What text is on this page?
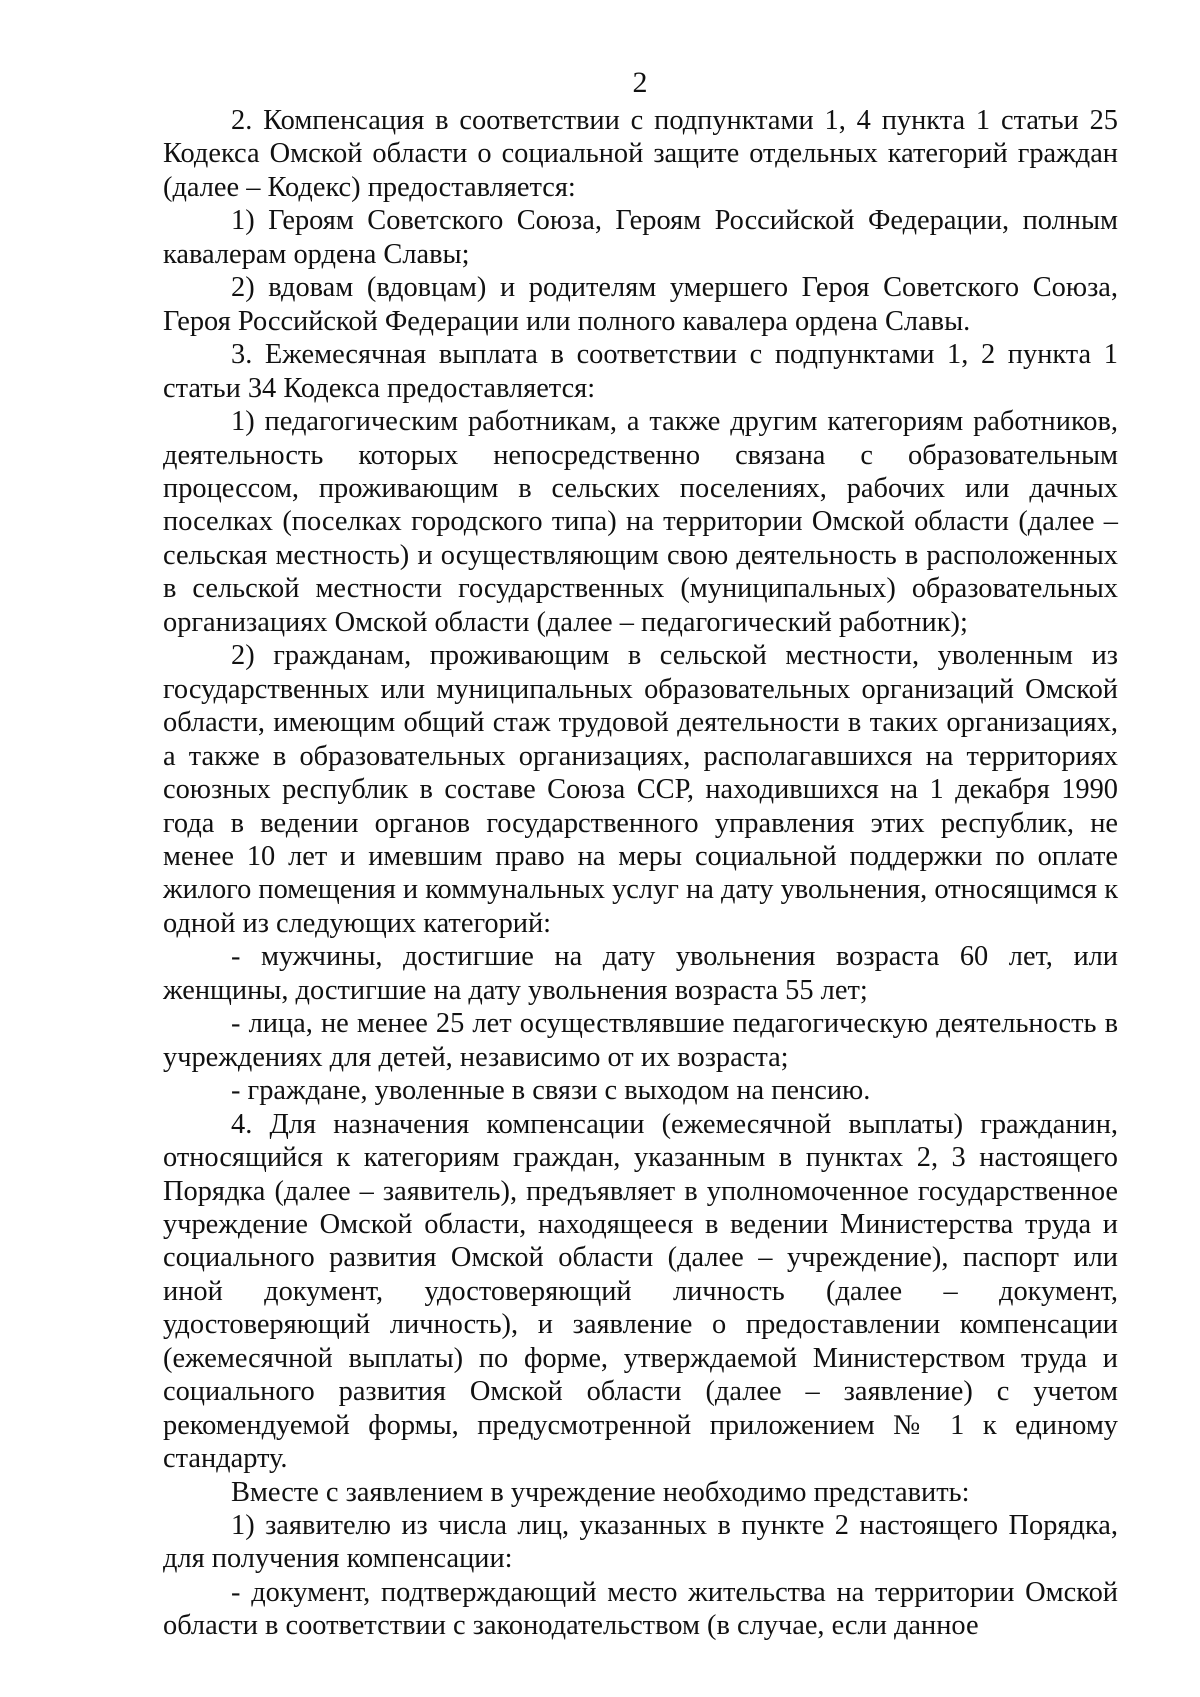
2

2. Компенсация в соответствии с подпунктами 1, 4 пункта 1 статьи 25 Кодекса Омской области о социальной защите отдельных категорий граждан (далее – Кодекс) предоставляется:

1) Героям Советского Союза, Героям Российской Федерации, полным кавалерам ордена Славы;

2) вдовам (вдовцам) и родителям умершего Героя Советского Союза, Героя Российской Федерации или полного кавалера ордена Славы.

3. Ежемесячная выплата в соответствии с подпунктами 1, 2 пункта 1 статьи 34 Кодекса предоставляется:

1) педагогическим работникам, а также другим категориям работников, деятельность которых непосредственно связана с образовательным процессом, проживающим в сельских поселениях, рабочих или дачных поселках (поселках городского типа) на территории Омской области (далее – сельская местность) и осуществляющим свою деятельность в расположенных в сельской местности государственных (муниципальных) образовательных организациях Омской области (далее – педагогический работник);

2) гражданам, проживающим в сельской местности, уволенным из государственных или муниципальных образовательных организаций Омской области, имеющим общий стаж трудовой деятельности в таких организациях, а также в образовательных организациях, располагавшихся на территориях союзных республик в составе Союза ССР, находившихся на 1 декабря 1990 года в ведении органов государственного управления этих республик, не менее 10 лет и имевшим право на меры социальной поддержки по оплате жилого помещения и коммунальных услуг на дату увольнения, относящимся к одной из следующих категорий:

- мужчины, достигшие на дату увольнения возраста 60 лет, или женщины, достигшие на дату увольнения возраста 55 лет;

- лица, не менее 25 лет осуществлявшие педагогическую деятельность в учреждениях для детей, независимо от их возраста;

- граждане, уволенные в связи с выходом на пенсию.

4. Для назначения компенсации (ежемесячной выплаты) гражданин, относящийся к категориям граждан, указанным в пунктах 2, 3 настоящего Порядка (далее – заявитель), предъявляет в уполномоченное государственное учреждение Омской области, находящееся в ведении Министерства труда и социального развития Омской области (далее – учреждение), паспорт или иной документ, удостоверяющий личность (далее – документ, удостоверяющий личность), и заявление о предоставлении компенсации (ежемесячной выплаты) по форме, утверждаемой Министерством труда и социального развития Омской области (далее – заявление) с учетом рекомендуемой формы, предусмотренной приложением № 1 к единому стандарту.

Вместе с заявлением в учреждение необходимо представить:

1) заявителю из числа лиц, указанных в пункте 2 настоящего Порядка, для получения компенсации:

- документ, подтверждающий место жительства на территории Омской области в соответствии с законодательством (в случае, если данное
